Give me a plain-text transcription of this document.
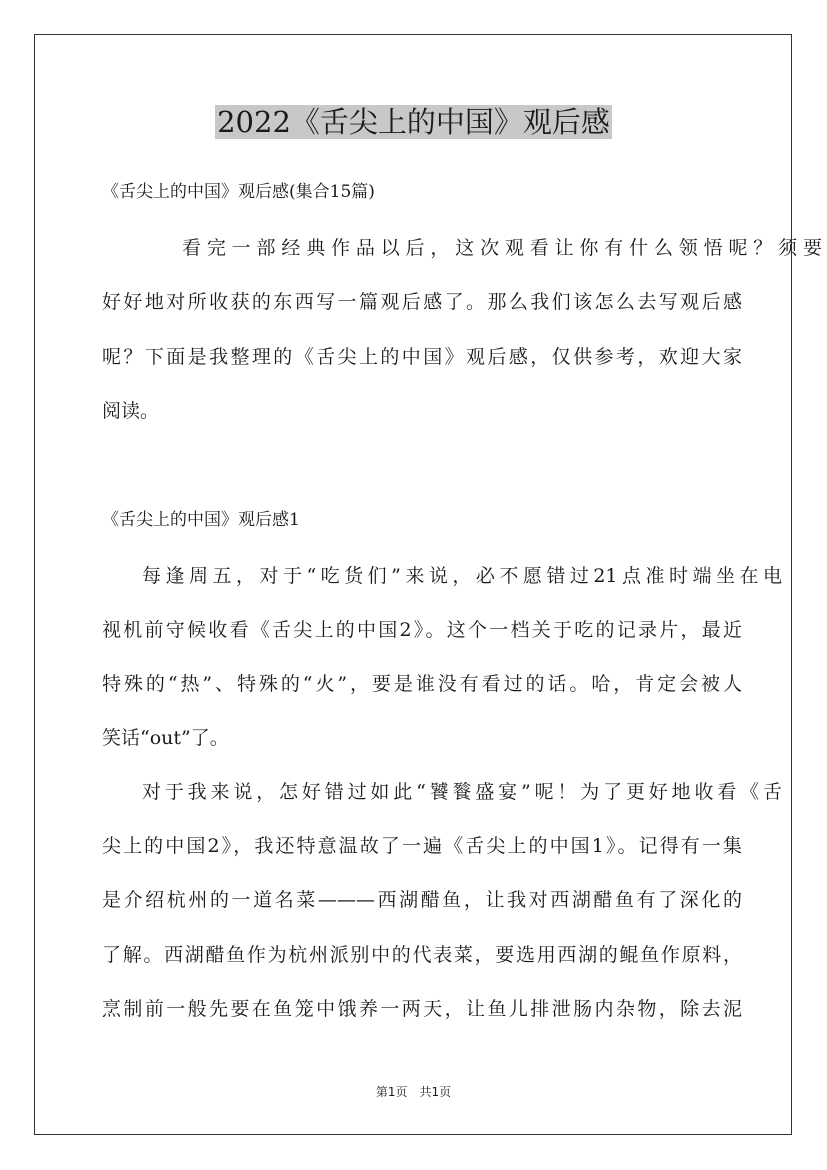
2022《舌尖上的中国》观后感
《舌尖上的中国》观后感(集合15篇)
看完一部经典作品以后，这次观看让你有什么领悟呢？须要
好好地对所收获的东西写一篇观后感了。那么我们该怎么去写观后感
呢？下面是我整理的《舌尖上的中国》观后感，仅供参考，欢迎大家
阅读。
《舌尖上的中国》观后感1
每逢周五，对于“吃货们”来说，必不愿错过21点准时端坐在电
视机前守候收看《舌尖上的中国2》。这个一档关于吃的记录片，最近
特殊的“热”、特殊的“火”，要是谁没有看过的话。哈，肯定会被人
笑话“out”了。
对于我来说，怎好错过如此“饕餮盛宴”呢！为了更好地收看《舌
尖上的中国2》，我还特意温故了一遍《舌尖上的中国1》。记得有一集
是介绍杭州的一道名菜———西湖醋鱼，让我对西湖醋鱼有了深化的
了解。西湖醋鱼作为杭州派别中的代表菜，要选用西湖的鲲鱼作原料，
烹制前一般先要在鱼笼中饿养一两天，让鱼儿排泄肠内杂物，除去泥
第1页　共1页
